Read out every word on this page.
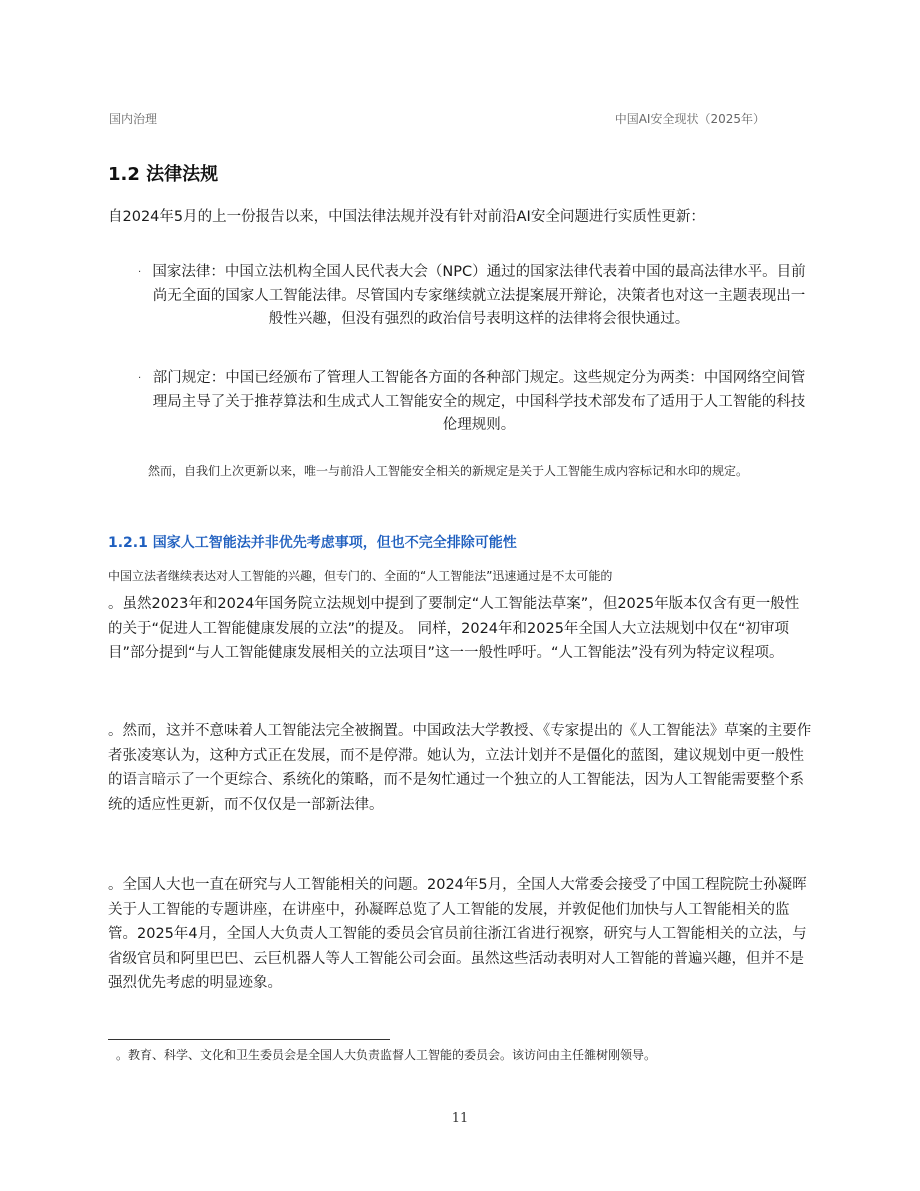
国内治理	中国AI安全现状（2025年）
1.2 法律法规

自2024年5月的上一份报告以来，中国法律法规并没有针对前沿AI安全问题进行实质性更新：

· 国家法律：中国立法机构全国人民代表大会（NPC）通过的国家法律代表着中国的最高法律水平。目前尚无全面的国家人工智能法律。尽管国内专家继续就立法提案展开辩论，决策者也对这一主题表现出一般性兴趣，但没有强烈的政治信号表明这样的法律将会很快通过。
· 部门规定：中国已经颁布了管理人工智能各方面的各种部门规定。这些规定分为两类：中国网络空间管理局主导了关于推荐算法和生成式人工智能安全的规定，中国科学技术部发布了适用于人工智能的科技伦理规则。

然而，自我们上次更新以来，唯一与前沿人工智能安全相关的新规定是关于人工智能生成内容标记和水印的规定。

1.2.1 国家人工智能法并非优先考虑事项，但也不完全排除可能性

中国立法者继续表达对人工智能的兴趣，但专门的、全面的“人工智能法”迅速通过是不太可能的

。虽然2023年和2024年国务院立法规划中提到了要制定“人工智能法草案”，但2025年版本仅含有更一般性的关于“促进人工智能健康发展的立法”的提及。 同样，2024年和2025年全国人大立法规划中仅在“初审项目”部分提到“与人工智能健康发展相关的立法项目”这一一般性呼吁。“人工智能法”没有列为特定议程项。

。然而，这并不意味着人工智能法完全被搁置。中国政法大学教授、《专家提出的《人工智能法》草案的主要作者张凌寒认为，这种方式正在发展，而不是停滞。她认为，立法计划并不是僵化的蓝图，建议规划中更一般性的语言暗示了一个更综合、系统化的策略，而不是匆忙通过一个独立的人工智能法，因为人工智能需要整个系统的适应性更新，而不仅仅是一部新法律。

。全国人大也一直在研究与人工智能相关的问题。2024年5月，全国人大常委会接受了中国工程院院士孙凝晖关于人工智能的专题讲座，在讲座中，孙凝晖总览了人工智能的发展，并敦促他们加快与人工智能相关的监管。2025年4月，全国人大负责人工智能的委员会官员前往浙江省进行视察，研究与人工智能相关的立法，与省级官员和阿里巴巴、云巨机器人等人工智能公司会面。虽然这些活动表明对人工智能的普遍兴趣，但并不是强烈优先考虑的明显迹象。

。教育、科学、文化和卫生委员会是全国人大负责监督人工智能的委员会。该访问由主任雒树刚领导。

11
